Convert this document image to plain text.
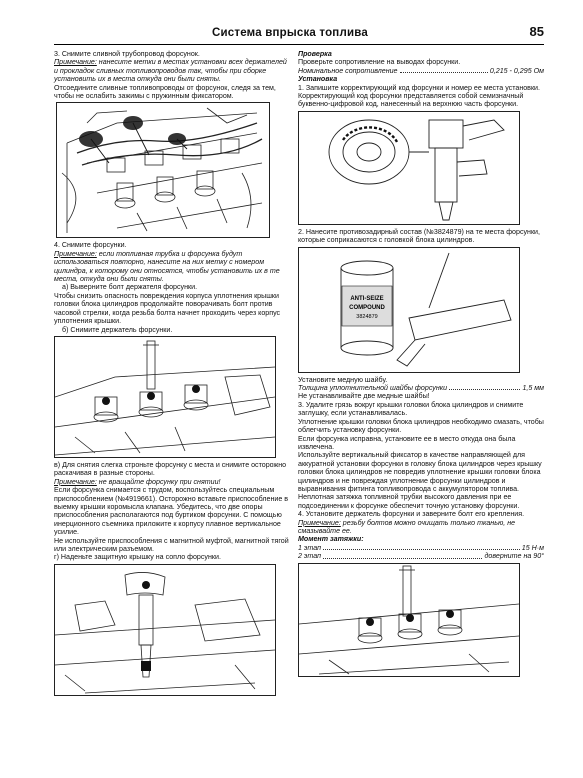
Система впрыска топлива	85

3. Снимите сливной трубопровод форсунок.

Примечание: нанесите метки в местах установки всех держателей и прокладок сливных топливопроводов так, чтобы при сборке установить их в места откуда они были сняты.

Отсоедините сливные топливопроводы от форсунок, следя за тем, чтобы не ослабить зажимы с пружинным фиксатором.

4. Снимите форсунки.

Примечание: если топливная трубка и форсунка будут использоваться повторно, нанесите на них метку с номером цилиндра, к которому они относятся, чтобы установить их в те места, откуда они были сняты.

а) Выверните болт держателя форсунки.

Чтобы снизить опасность повреждения корпуса уплотнения крышки головки блока цилиндров продолжайте поворачивать болт против часовой стрелки, когда резьба болта начнет проходить через корпус уплотнения крышки.

б) Снимите держатель форсунки.

в) Для снятия слегка строньте форсунку с места и снимите осторожно раскачивая в разные стороны.

Примечание: не вращайте форсунку при снятии!

Если форсунка снимается с трудом, воспользуйтесь специальным приспособлением (№4919661). Осторожно вставьте приспособление в выемку крышки коромысла клапана. Убедитесь, что две опоры приспособления располагаются под буртиком форсунки. С помощью инерционного съемника приложите к корпусу плавное вертикальное усилие.

Не используйте приспособления с магнитной муфтой, магнитной тягой или электрическим разъемом.

г) Наденьте защитную крышку на сопло форсунки.

Проверка

Проверьте сопротивление на выводах форсунки.

Номинальное сопротивление	0,215 - 0,295 Ом

Установка

1. Запишите корректирующий код форсунки и номер ее места установки.

Корректирующий код форсунки представляется собой семизначный буквенно-цифровой код, нанесенный на верхнюю часть форсунки.

2. Нанесите противозадирный состав (№3824879) на те места форсунки, которые соприкасаются с головкой блока цилиндров.

ANTI-SEIZE
COMPOUND
3824879

Установите медную шайбу.

Толщина уплотнительной шайбы форсунки	1,5 мм

Не устанавливайте две медные шайбы!

3. Удалите грязь вокруг крышки головки блока цилиндров и снимите заглушку, если устанавливалась.

Уплотнение крышки головки блока цилиндров необходимо смазать, чтобы облегчить установку форсунки.

Если форсунка исправна, установите ее в место откуда она была извлечена.

Используйте вертикальный фиксатор в качестве направляющей для аккуратной установки форсунки в головку блока цилиндров через крышку головки блока цилиндров не повредив уплотнение крышки головки блока цилиндров и не повреждая уплотнение форсунки цилиндров и выравнивания фитинга топливопровода с аккумулятором топлива.

Неплотная затяжка топливной трубки высокого давления при ее подсоединении к форсунке обеспечит точную установку форсунки.

4. Установите держатель форсунки и заверните болт его крепления.

Примечание: резьбу болтов можно очищать только тканью, не смазывайте ее.

Момент затяжки:

1 этап	15 Н·м
2 этап	доверните на 90°
